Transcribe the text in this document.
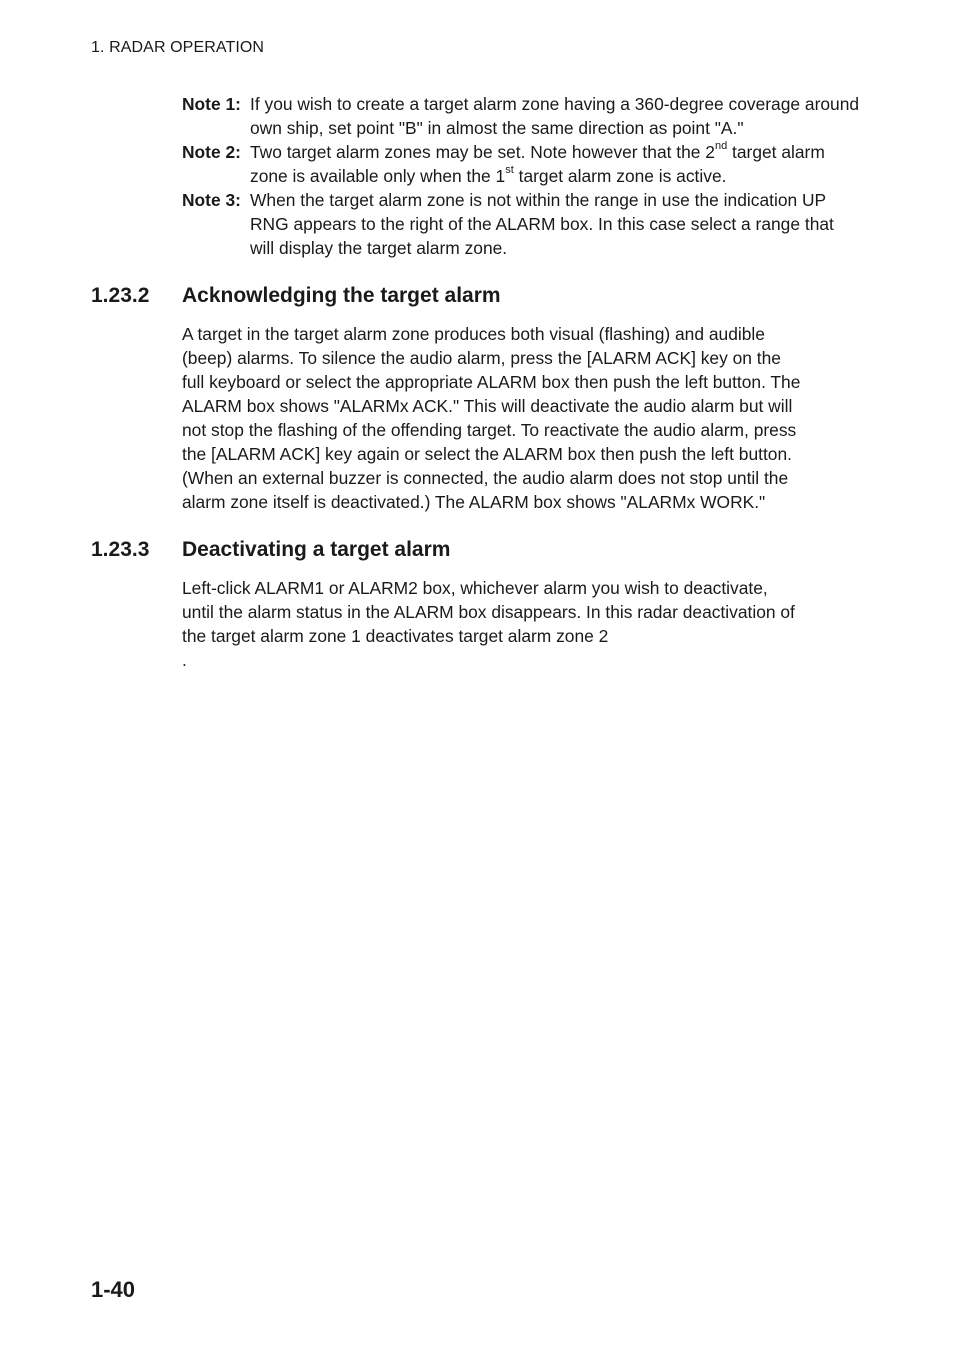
1. RADAR OPERATION
Note 1: If you wish to create a target alarm zone having a 360-degree coverage around own ship, set point "B" in almost the same direction as point "A."
Note 2: Two target alarm zones may be set. Note however that the 2nd target alarm zone is available only when the 1st target alarm zone is active.
Note 3: When the target alarm zone is not within the range in use the indication UP RNG appears to the right of the ALARM box. In this case select a range that will display the target alarm zone.
1.23.2 Acknowledging the target alarm
A target in the target alarm zone produces both visual (flashing) and audible
(beep) alarms. To silence the audio alarm, press the [ALARM ACK] key on the
full keyboard or select the appropriate ALARM box then push the left button. The
ALARM box shows "ALARMx ACK." This will deactivate the audio alarm but will
not stop the flashing of the offending target. To reactivate the audio alarm, press
the [ALARM ACK] key again or select the ALARM box then push the left button.
(When an external buzzer is connected, the audio alarm does not stop until the
alarm zone itself is deactivated.) The ALARM box shows "ALARMx WORK."
1.23.3 Deactivating a target alarm
Left-click ALARM1 or ALARM2 box, whichever alarm you wish to deactivate,
until the alarm status in the ALARM box disappears. In this radar deactivation of
the target alarm zone 1 deactivates target alarm zone 2
.
1-40
